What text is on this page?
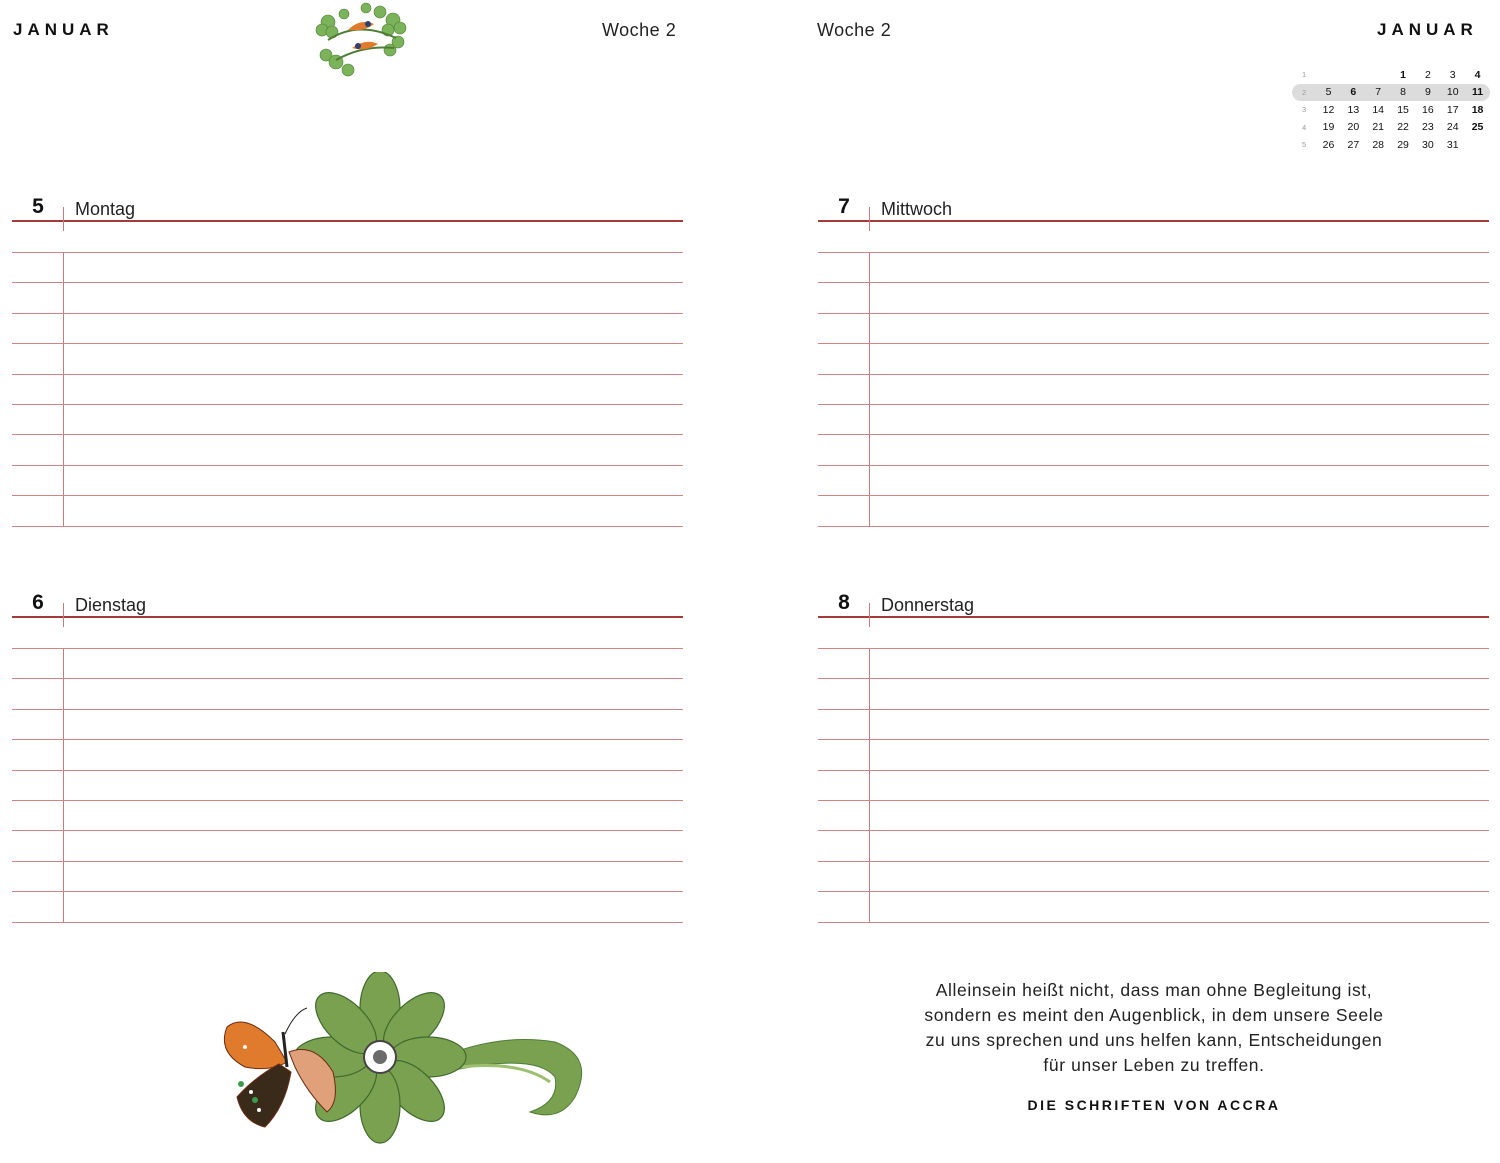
JANUAR	Woche 2	Woche 2	JANUAR
1				1	2	3	4
2	5	6	7	8	9	10	11
3	12	13	14	15	16	17	18
4	19	20	21	22	23	24	25
5	26	27	28	29	30	31	
5	Montag
6	Dienstag
7	Mittwoch
8	Donnerstag
Alleinsein heißt nicht, dass man ohne Begleitung ist,
sondern es meint den Augenblick, in dem unsere Seele
zu uns sprechen und uns helfen kann, Entscheidungen
für unser Leben zu treffen.
DIE SCHRIFTEN VON ACCRA
